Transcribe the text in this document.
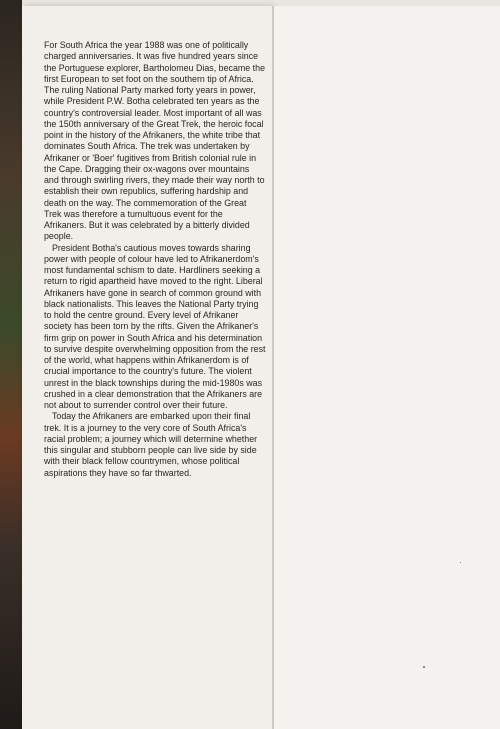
For South Africa the year 1988 was one of politically charged anniversaries. It was five hundred years since the Portuguese explorer, Bartholomeu Dias, became the first European to set foot on the southern tip of Africa. The ruling National Party marked forty years in power, while President P.W. Botha celebrated ten years as the country's controversial leader. Most important of all was the 150th anniversary of the Great Trek, the heroic focal point in the history of the Afrikaners, the white tribe that dominates South Africa. The trek was undertaken by Afrikaner or 'Boer' fugitives from British colonial rule in the Cape. Dragging their ox-wagons over mountains and through swirling rivers, they made their way north to establish their own republics, suffering hardship and death on the way. The commemoration of the Great Trek was therefore a tumultuous event for the Afrikaners. But it was celebrated by a bitterly divided people.

President Botha's cautious moves towards sharing power with people of colour have led to Afrikanerdom's most fundamental schism to date. Hardliners seeking a return to rigid apartheid have moved to the right. Liberal Afrikaners have gone in search of common ground with black nationalists. This leaves the National Party trying to hold the centre ground. Every level of Afrikaner society has been torn by the rifts. Given the Afrikaner's firm grip on power in South Africa and his determination to survive despite overwhelming opposition from the rest of the world, what happens within Afrikanerdom is of crucial importance to the country's future. The violent unrest in the black townships during the mid-1980s was crushed in a clear demonstration that the Afrikaners are not about to surrender control over their future.

Today the Afrikaners are embarked upon their final trek. It is a journey to the very core of South Africa's racial problem; a journey which will determine whether this singular and stubborn people can live side by side with their black fellow countrymen, whose political aspirations they have so far thwarted.
